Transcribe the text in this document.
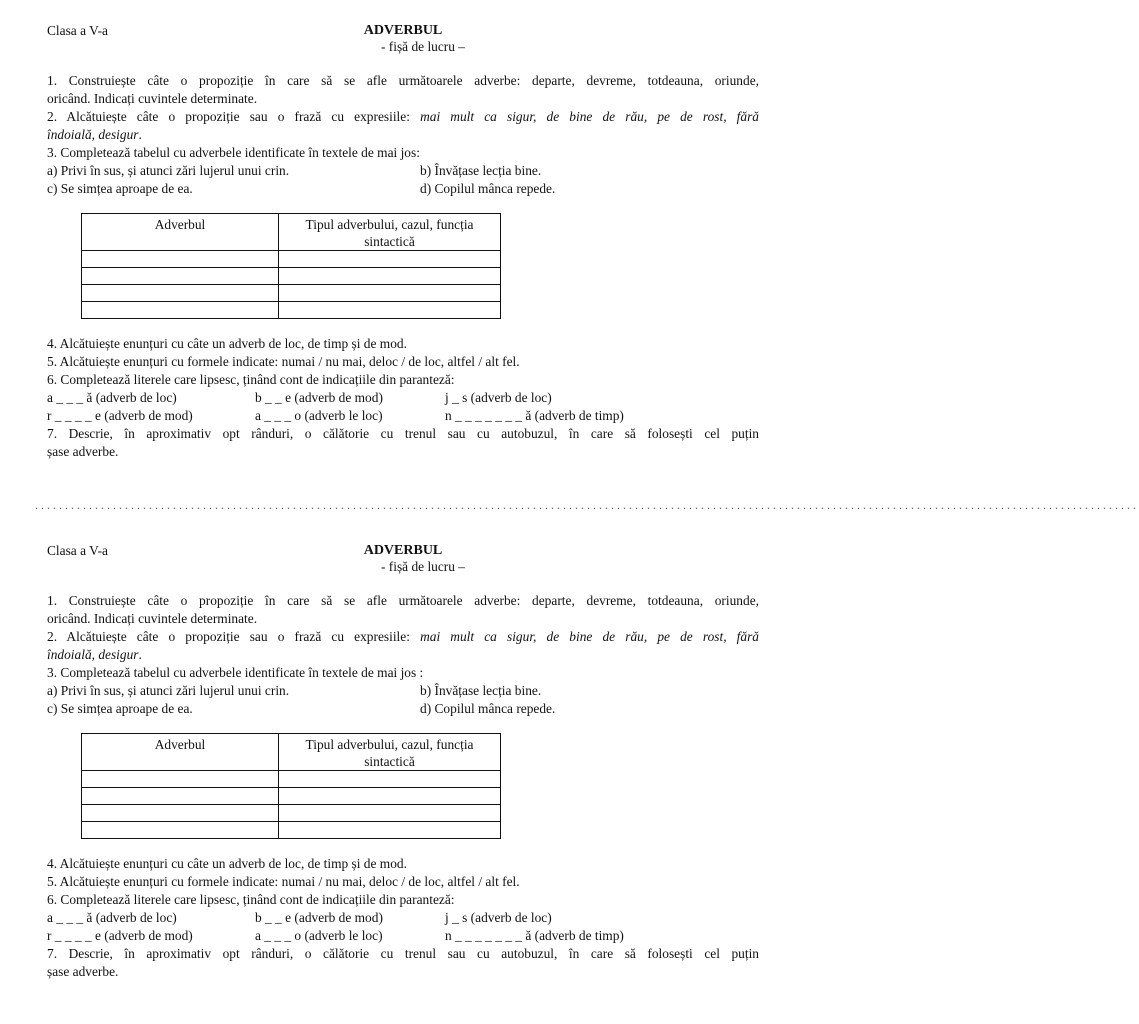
Clasa a V-a	ADVERBUL
- fișă de lucru –
1. Construiește câte o propoziție în care să se afle următoarele adverbe: departe, devreme, totdeauna, oriunde,
oricând. Indicați cuvintele determinate.
2. Alcătuiește câte o propoziție sau o frază cu expresiile: mai mult ca sigur, de bine de rău, pe de rost, fără
îndoială, desigur.
3. Completează tabelul cu adverbele identificate în textele de mai jos:
a) Privi în sus, și atunci zări lujerul unui crin.	b) Învățase lecția bine.
c) Se simțea aproape de ea.	d) Copilul mânca repede.
Adverbul	Tipul adverbului, cazul, funcția sintactică

4. Alcătuiește enunțuri cu câte un adverb de loc, de timp și de mod.
5. Alcătuiește enunțuri cu formele indicate: numai / nu mai, deloc / de loc, altfel / alt fel.
6. Completează literele care lipsesc, ținând cont de indicațiile din paranteză:
a _ _ _ ă (adverb de loc)	b _ _ e (adverb de mod)	j _ s (adverb de loc)
r _ _ _ _ e (adverb de mod)	a _ _ _ o (adverb le loc)	n _ _ _ _ _ _ _ ă (adverb de timp)
7. Descrie, în aproximativ opt rânduri, o călătorie cu trenul sau cu autobuzul, în care să folosești cel puțin
șase adverbe.
........................................................................................................................................................................................
Clasa a V-a	ADVERBUL
- fișă de lucru –
1. Construiește câte o propoziție în care să se afle următoarele adverbe: departe, devreme, totdeauna, oriunde,
oricând. Indicați cuvintele determinate.
2. Alcătuiește câte o propoziție sau o frază cu expresiile: mai mult ca sigur, de bine de rău, pe de rost, fără
îndoială, desigur.
3. Completează tabelul cu adverbele identificate în textele de mai jos :
a) Privi în sus, și atunci zări lujerul unui crin.	b) Învățase lecția bine.
c) Se simțea aproape de ea.	d) Copilul mânca repede.
Adverbul	Tipul adverbului, cazul, funcția sintactică

4. Alcătuiește enunțuri cu câte un adverb de loc, de timp și de mod.
5. Alcătuiește enunțuri cu formele indicate: numai / nu mai, deloc / de loc, altfel / alt fel.
6. Completează literele care lipsesc, ținând cont de indicațiile din paranteză:
a _ _ _ ă (adverb de loc)	b _ _ e (adverb de mod)	j _ s (adverb de loc)
r _ _ _ _ e (adverb de mod)	a _ _ _ o (adverb le loc)	n _ _ _ _ _ _ _ ă (adverb de timp)
7. Descrie, în aproximativ opt rânduri, o călătorie cu trenul sau cu autobuzul, în care să folosești cel puțin
șase adverbe.
